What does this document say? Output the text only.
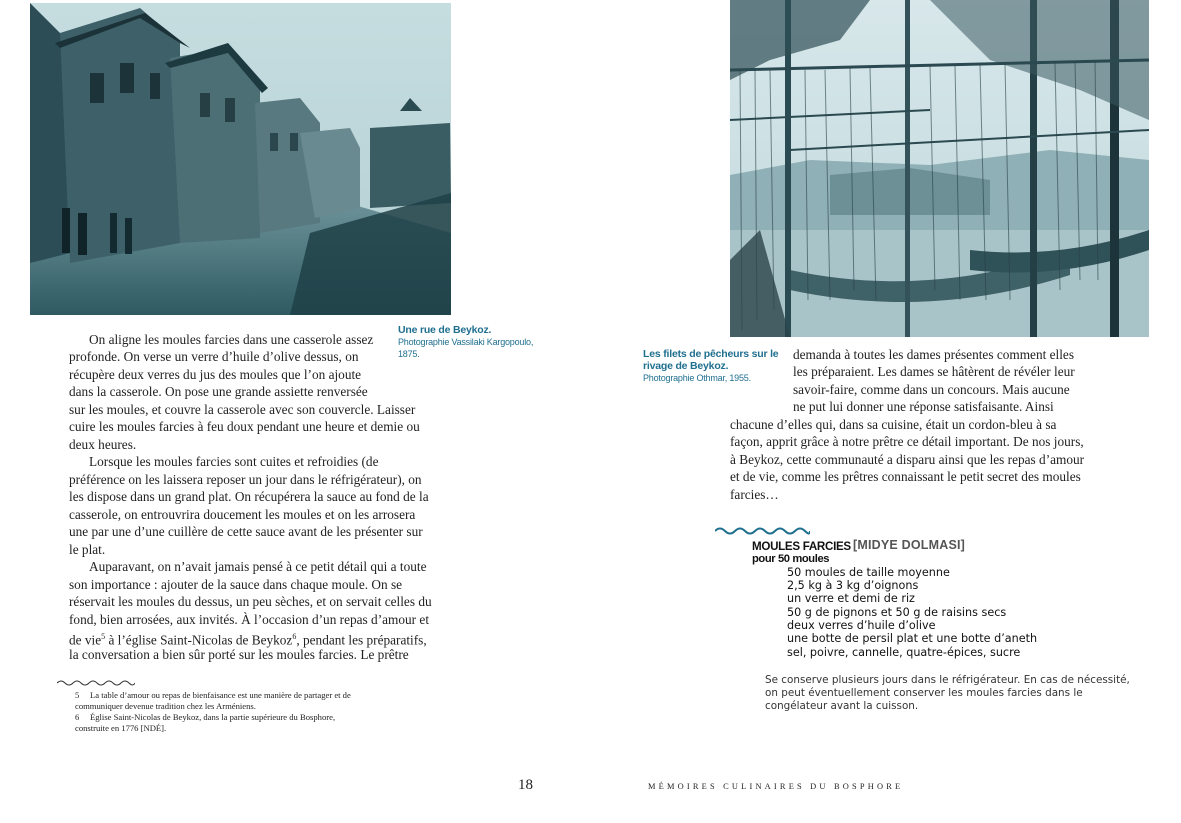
Une rue de Beykoz.
Photographie Vassilaki Kargopoulo,
1875.	Les filets de pêcheurs sur le
rivage de Beykoz.
Photographie Othmar, 1955.
On aligne les moules farcies dans une casserole assez
profonde. On verse un verre d’huile d’olive dessus, on
récupère deux verres du jus des moules que l’on ajoute
dans la casserole. On pose une grande assiette renversée
sur les moules, et couvre la casserole avec son couvercle. Laisser
cuire les moules farcies à feu doux pendant une heure et demie ou
deux heures.
Lorsque les moules farcies sont cuites et refroidies (de
préférence on les laissera reposer un jour dans le réfrigérateur), on
les dispose dans un grand plat. On récupérera la sauce au fond de la
casserole, on entrouvrira doucement les moules et on les arrosera
une par une d’une cuillère de cette sauce avant de les présenter sur
le plat.
Auparavant, on n’avait jamais pensé à ce petit détail qui a toute
son importance : ajouter de la sauce dans chaque moule. On se
réservait les moules du dessus, un peu sèches, et on servait celles du
fond, bien arrosées, aux invités. À l’occasion d’un repas d’amour et
de vie$^5$ à l’église Saint-Nicolas de Beykoz$^6$, pendant les préparatifs,
la conversation a bien sûr porté sur les moules farcies. Le prêtre
5 La table d’amour ou repas de bienfaisance est une manière de partager et de
communiquer devenue tradition chez les Arméniens.
6 Église Saint-Nicolas de Beykoz, dans la partie supérieure du Bosphore,
construite en 1776 [NDÉ].
demanda à toutes les dames présentes comment elles
les préparaient. Les dames se hâtèrent de révéler leur
savoir-faire, comme dans un concours. Mais aucune
ne put lui donner une réponse satisfaisante. Ainsi
chacune d’elles qui, dans sa cuisine, était un cordon-bleu à sa
façon, apprit grâce à notre prêtre ce détail important. De nos jours,
à Beykoz, cette communauté a disparu ainsi que les repas d’amour
et de vie, comme les prêtres connaissant le petit secret des moules
farcies…
MOULES FARCIES [MIDYE DOLMASI]
pour 50 moules
50 moules de taille moyenne
2,5 kg à 3 kg d’oignons
un verre et demi de riz
50 g de pignons et 50 g de raisins secs
deux verres d’huile d’olive
une botte de persil plat et une botte d’aneth
sel, poivre, cannelle, quatre-épices, sucre
Se conserve plusieurs jours dans le réfrigérateur. En cas de nécessité,
on peut éventuellement conserver les moules farcies dans le
congélateur avant la cuisson.
18	MÉMOIRES CULINAIRES DU BOSPHORE
